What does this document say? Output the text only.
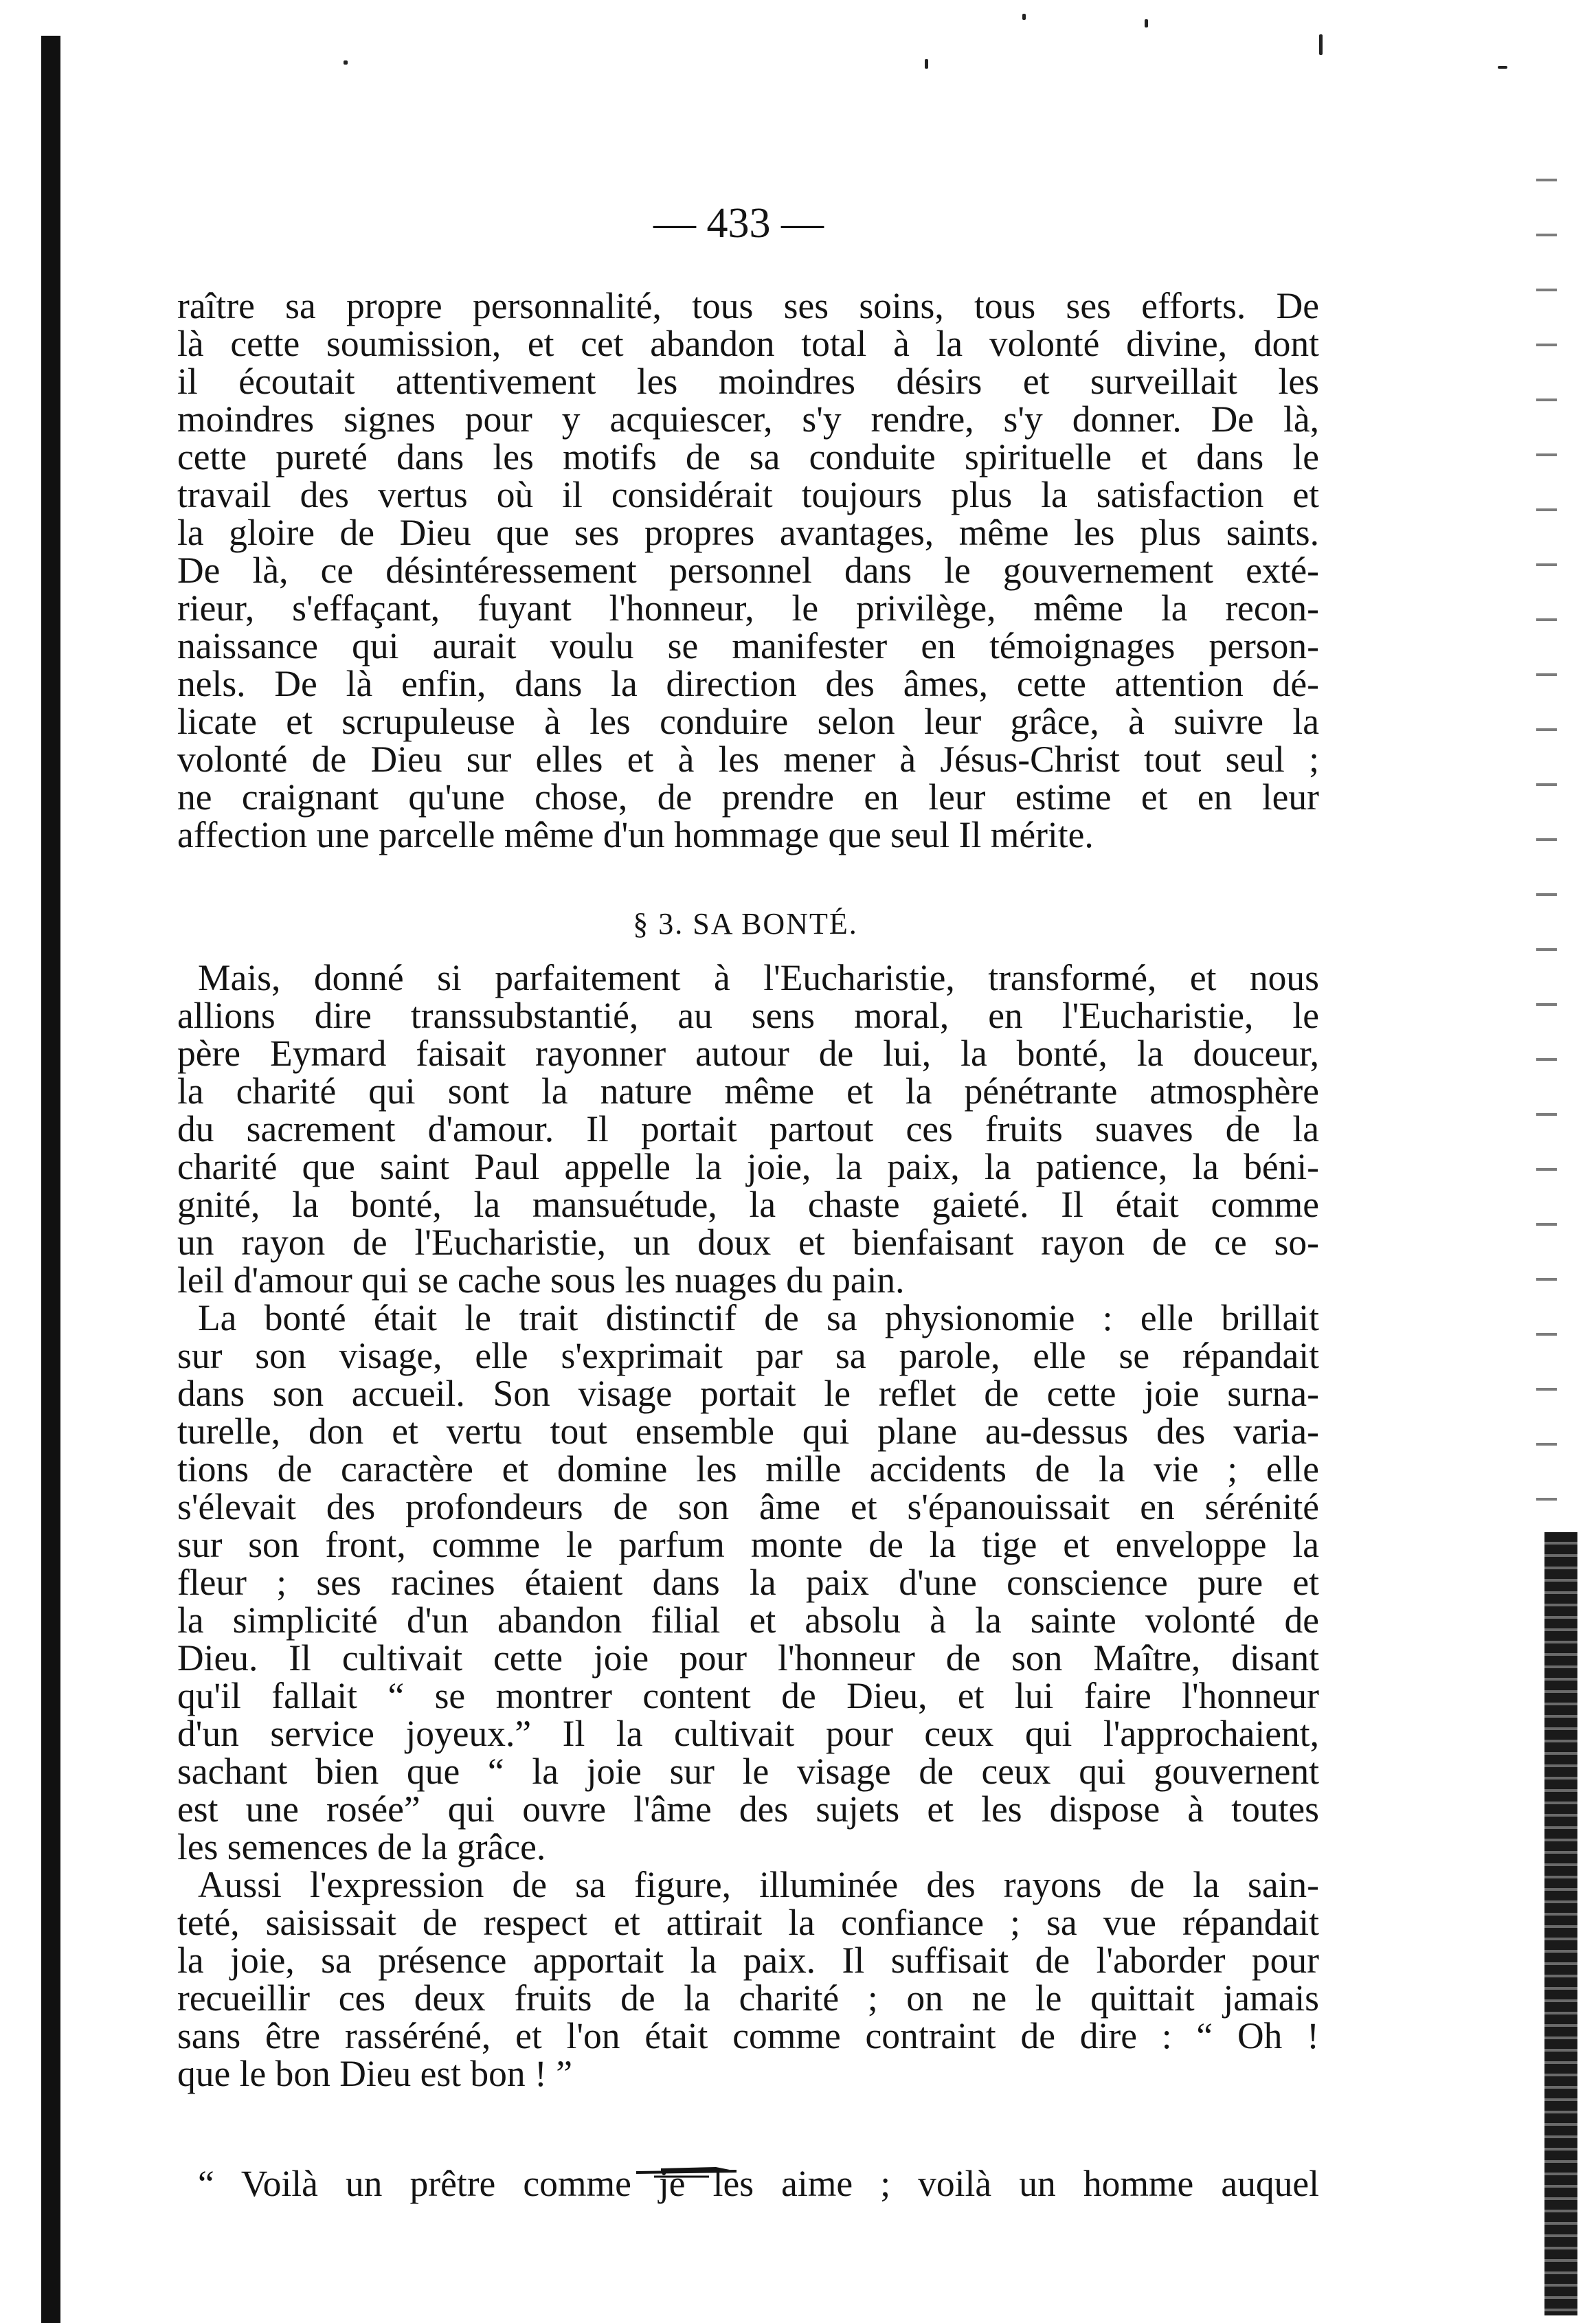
— 433 —
raître sa propre personnalité, tous ses soins, tous ses efforts. De
là cette soumission, et cet abandon total à la volonté divine, dont
il écoutait attentivement les moindres désirs et surveillait les
moindres signes pour y acquiescer, s'y rendre, s'y donner. De là,
cette pureté dans les motifs de sa conduite spirituelle et dans le
travail des vertus où il considérait toujours plus la satisfaction et
la gloire de Dieu que ses propres avantages, même les plus saints.
De là, ce désintéressement personnel dans le gouvernement exté-
rieur, s'effaçant, fuyant l'honneur, le privilège, même la recon-
naissance qui aurait voulu se manifester en témoignages person-
nels. De là enfin, dans la direction des âmes, cette attention dé-
licate et scrupuleuse à les conduire selon leur grâce, à suivre la
volonté de Dieu sur elles et à les mener à Jésus-Christ tout seul ;
ne craignant qu'une chose, de prendre en leur estime et en leur
affection une parcelle même d'un hommage que seul Il mérite.
§ 3. SA BONTÉ.
Mais, donné si parfaitement à l'Eucharistie, transformé, et nous
allions dire transsubstantié, au sens moral, en l'Eucharistie, le
père Eymard faisait rayonner autour de lui, la bonté, la douceur,
la charité qui sont la nature même et la pénétrante atmosphère
du sacrement d'amour. Il portait partout ces fruits suaves de la
charité que saint Paul appelle la joie, la paix, la patience, la béni-
gnité, la bonté, la mansuétude, la chaste gaieté. Il était comme
un rayon de l'Eucharistie, un doux et bienfaisant rayon de ce so-
leil d'amour qui se cache sous les nuages du pain.
La bonté était le trait distinctif de sa physionomie : elle brillait
sur son visage, elle s'exprimait par sa parole, elle se répandait
dans son accueil. Son visage portait le reflet de cette joie surna-
turelle, don et vertu tout ensemble qui plane au-dessus des varia-
tions de caractère et domine les mille accidents de la vie ; elle
s'élevait des profondeurs de son âme et s'épanouissait en sérénité
sur son front, comme le parfum monte de la tige et enveloppe la
fleur ; ses racines étaient dans la paix d'une conscience pure et
la simplicité d'un abandon filial et absolu à la sainte volonté de
Dieu. Il cultivait cette joie pour l'honneur de son Maître, disant
qu'il fallait “ se montrer content de Dieu, et lui faire l'honneur
d'un service joyeux.” Il la cultivait pour ceux qui l'approchaient,
sachant bien que “ la joie sur le visage de ceux qui gouvernent
est une rosée” qui ouvre l'âme des sujets et les dispose à toutes
les semences de la grâce.
Aussi l'expression de sa figure, illuminée des rayons de la sain-
teté, saisissait de respect et attirait la confiance ; sa vue répandait
la joie, sa présence apportait la paix. Il suffisait de l'aborder pour
recueillir ces deux fruits de la charité ; on ne le quittait jamais
sans être rasséréné, et l'on était comme contraint de dire : “ Oh !
que le bon Dieu est bon ! ”
“ Voilà un prêtre comme je les aime ; voilà un homme auquel
